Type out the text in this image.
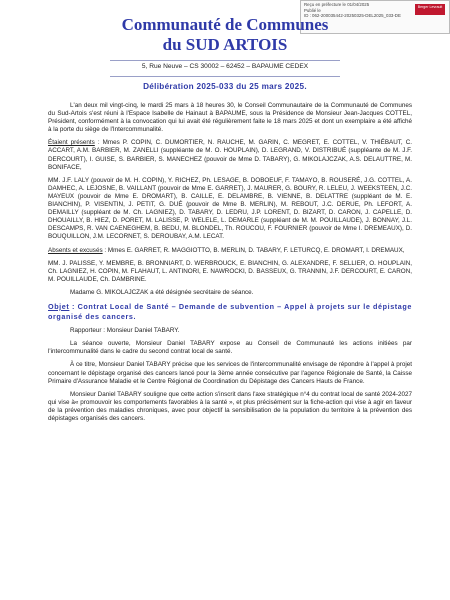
Reçu en préfecture le 01/04/2025
Publié le
ID : 062-200035442-20250325-DEL2025_033-DE
Berger Levrault
Communauté de Communes
du SUD ARTOIS
5, Rue Neuve – CS 30002 – 62452 – BAPAUME CEDEX
Délibération 2025-033 du 25 mars 2025.

L'an deux mil vingt-cinq, le mardi 25 mars à 18 heures 30, le Conseil Communautaire de la Communauté de Communes du Sud-Artois s'est réuni à l'Espace Isabelle de Hainaut à BAPAUME, sous la Présidence de Monsieur Jean-Jacques COTTEL, Président, conformément à la convocation qui lui avait été régulièrement faite le 18 mars 2025 et dont un exemplaire a été affiché à la porte du siège de l'Intercommunalité.

Étaient présents : Mmes P. COPIN, C. DUMORTIER, N. RAUCHE, M. GARIN, C. MEGRET, E. COTTEL, V. THIÉBAUT, C. ACCART, A.M. BARBIER, M. ZANELLI (suppléante de M. O. HOUPLAIN), D. LEGRAND, V. DISTRIBUÉ (suppléante de M. J.F. DERCOURT), I. GUISE, S. BARBIER, S. MANECHEZ (pouvoir de Mme D. TABARY), G. MIKOLAJCZAK, A.S. DELAUTTRE, M. BONIFACE,

MM. J.F. LALY (pouvoir de M. H. COPIN), Y. RICHEZ, Ph. LESAGE, B. DOBOEUF, F. TAMAYO, B. ROUSERÉ, J.G. COTTEL, A. DAMHEC, A. LEJOSNE, B. VAILLANT (pouvoir de Mme E. GARRET), J. MAURER, G. BOURY, R. LELEU, J. WEEKSTEEN, J.C. MAYEUX (pouvoir de Mme E. DROMART), B. CAILLE, E. DELAMBRE, B. VIENNE, B. DELATTRE (suppléant de M. E. BIANCHIN), P. VISENTIN, J. PETIT, G. DUÉ (pouvoir de Mme B. MERLIN), M. REBOUT, J.C. DERUE, Ph. LEFORT, A. DEMAILLY (suppléant de M. Ch. LAGNIEZ), D. TABARY, D. LEDRU, J.P. LORENT, D. BIZART, D. CARON, J. CAPELLE, D. DHOUAILLY, B. HIEZ, D. PORET, M. LALISSE, P. WELELE, L. DEMARLE (suppléant de M. M. POUILLAUDE), J. BONNAY, J.L. DESCAMPS, R. VAN CAENEGHEM, B. BEDU, M. BLONDEL, Th. ROUCOU, F. FOURNIER (pouvoir de Mme I. DREMEAUX), D. BOUQUILLON, J.M. LECORNET, S. DEROUBAY, A.M. LECAT.

Absents et excusés : Mmes E. GARRET, R. MAGGIOTTO, B. MERLIN, D. TABARY, F. LETURCQ, E. DROMART, I. DREMAUX,

MM. J. PALISSE, Y. MEMBRE, B. BRONNIART, D. WERBROUCK, E. BIANCHIN, G. ALEXANDRE, F. SELLIER, O. HOUPLAIN, Ch. LAGNIEZ, H. COPIN, M. FLAHAUT, L. ANTINORI, E. NAWROCKI, D. BASSEUX, G. TRANNIN, J.F. DERCOURT, E. CARON, M. POUILLAUDE, Ch. DAMBRINE.

Madame G. MIKOLAJCZAK a été désignée secrétaire de séance.

Objet : Contrat Local de Santé – Demande de subvention – Appel à projets sur le dépistage organisé des cancers.

Rapporteur : Monsieur Daniel TABARY.

La séance ouverte, Monsieur Daniel TABARY expose au Conseil de Communauté les actions initiées par l'intercommunalité dans le cadre du second contrat local de santé.

À ce titre, Monsieur Daniel TABARY précise que les services de l'intercommunalité envisage de répondre à l'appel à projet concernant le dépistage organisé des cancers lancé pour la 3ème année consécutive par l'agence Régionale de Santé, la Caisse Primaire d'Assurance Maladie et le Centre Régional de Coordination du Dépistage des Cancers Hauts de France.

Monsieur Daniel TABARY souligne que cette action s'inscrit dans l'axe stratégique n°4 du contrat local de santé 2024-2027 qui vise à« promouvoir les comportements favorables à la santé », et plus précisément sur la fiche-action qui vise à agir en faveur de la prévention des maladies chroniques, avec pour objectif la sensibilisation de la population du territoire à la prévention des dépistages organisés des cancers.
